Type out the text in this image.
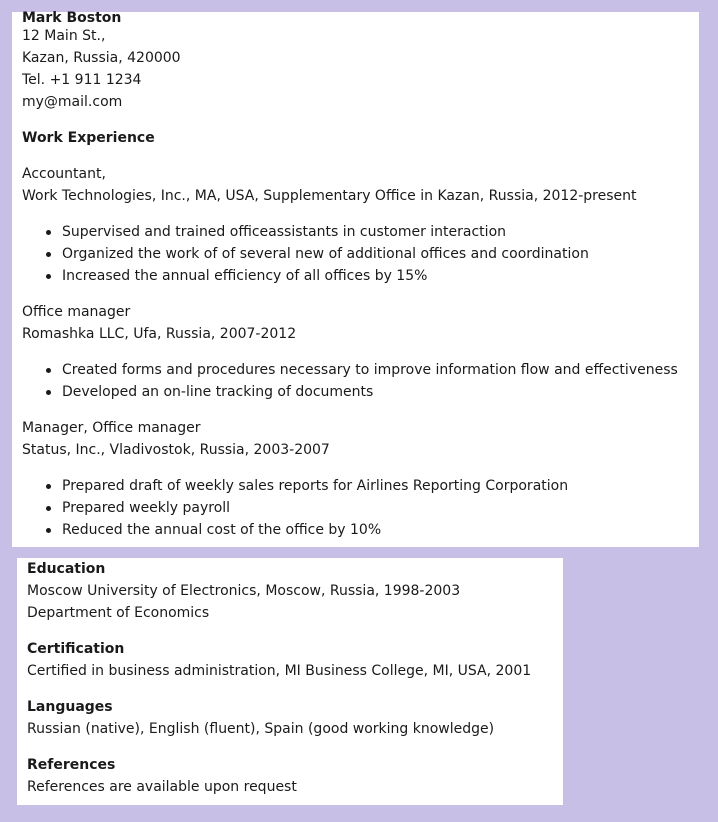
Mark Boston
12 Main St.,
Kazan, Russia, 420000
Tel. +1 911 1234
my@mail.com
Work Experience
Accountant,
Work Technologies, Inc., MA, USA, Supplementary Office in Kazan, Russia, 2012-present
Supervised and trained officeassistants in customer interaction
Organized the work of of several new of additional offices and coordination
Increased the annual efficiency of all offices by 15%
Office manager
Romashka LLC, Ufa, Russia, 2007-2012
Created forms and procedures necessary to improve information flow and effectiveness
Developed an on-line tracking of documents
Manager, Office manager
Status, Inc., Vladivostok, Russia, 2003-2007
Prepared draft of weekly sales reports for Airlines Reporting Corporation
Prepared weekly payroll
Reduced the annual cost of the office by 10%
Education
Moscow University of Electronics, Moscow, Russia, 1998-2003
Department of Economics
Certification
Certified in business administration, MI Business College, MI, USA, 2001
Languages
Russian (native), English (fluent), Spain (good working knowledge)
References
References are available upon request
